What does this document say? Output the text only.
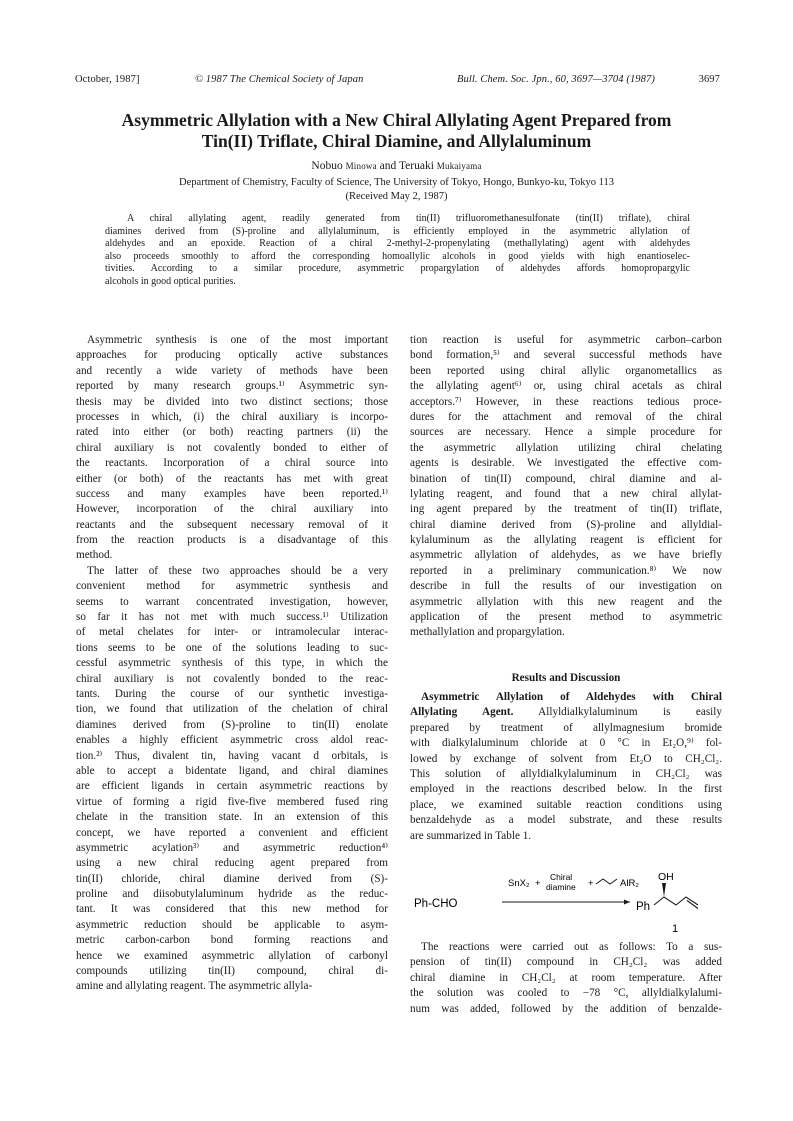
October, 1987]	© 1987 The Chemical Society of Japan	Bull. Chem. Soc. Jpn., 60, 3697—3704 (1987)	3697
Asymmetric Allylation with a New Chiral Allylating Agent Prepared from
Tin(II) Triflate, Chiral Diamine, and Allylaluminum
Nobuo Minowa and Teruaki Mukaiyama
Department of Chemistry, Faculty of Science, The University of Tokyo, Hongo, Bunkyo-ku, Tokyo 113
(Received May 2, 1987)
A chiral allylating agent, readily generated from tin(II) trifluoromethanesulfonate (tin(II) triflate), chiral
diamines derived from (S)-proline and allylaluminum, is efficiently employed in the asymmetric allylation of
aldehydes and an epoxide. Reaction of a chiral 2-methyl-2-propenylating (methallylating) agent with aldehydes
also proceeds smoothly to afford the corresponding homoallylic alcohols in good yields with high enantioselec-
tivities. According to a similar procedure, asymmetric propargylation of aldehydes affords homopropargylic
alcohols in good optical purities.
Asymmetric synthesis is one of the most important
approaches for producing optically active substances
and recently a wide variety of methods have been
reported by many research groups.¹⁾ Asymmetric syn-
thesis may be divided into two distinct sections; those
processes in which, (i) the chiral auxiliary is incorpo-
rated into either (or both) reacting partners (ii) the
chiral auxiliary is not covalently bonded to either of
the reactants. Incorporation of a chiral source into
either (or both) of the reactants has met with great
success and many examples have been reported.¹⁾
However, incorporation of the chiral auxiliary into
reactants and the subsequent necessary removal of it
from the reaction products is a disadvantage of this
method.
The latter of these two approaches should be a very
convenient method for asymmetric synthesis and
seems to warrant concentrated investigation, however,
so far it has not met with much success.¹⁾ Utilization
of metal chelates for inter- or intramolecular interac-
tions seems to be one of the solutions leading to suc-
cessful asymmetric synthesis of this type, in which the
chiral auxiliary is not covalently bonded to the reac-
tants. During the course of our synthetic investiga-
tion, we found that utilization of the chelation of chiral
diamines derived from (S)-proline to tin(II) enolate
enables a highly efficient asymmetric cross aldol reac-
tion.²⁾ Thus, divalent tin, having vacant d orbitals, is
able to accept a bidentate ligand, and chiral diamines
are efficient ligands in certain asymmetric reactions by
virtue of forming a rigid five-five membered fused ring
chelate in the transition state. In an extension of this
concept, we have reported a convenient and efficient
asymmetric acylation³⁾ and asymmetric reduction⁴⁾
using a new chiral reducing agent prepared from
tin(II) chloride, chiral diamine derived from (S)-
proline and diisobutylaluminum hydride as the reduc-
tant. It was considered that this new method for
asymmetric reduction should be applicable to asym-
metric carbon-carbon bond forming reactions and
hence we examined asymmetric allylation of carbonyl
compounds utilizing tin(II) compound, chiral di-
amine and allylating reagent. The asymmetric allyla-
tion reaction is useful for asymmetric carbon–carbon
bond formation,⁵⁾ and several successful methods have
been reported using chiral allylic organometallics as
the allylating agent⁶⁾ or, using chiral acetals as chiral
acceptors.⁷⁾ However, in these reactions tedious proce-
dures for the attachment and removal of the chiral
sources are necessary. Hence a simple procedure for
the asymmetric allylation utilizing chiral chelating
agents is desirable. We investigated the effective com-
bination of tin(II) compound, chiral diamine and al-
lylating reagent, and found that a new chiral allylat-
ing agent prepared by the treatment of tin(II) triflate,
chiral diamine derived from (S)-proline and allyldial-
kylaluminum as the allylating reagent is efficient for
asymmetric allylation of aldehydes, as we have briefly
reported in a preliminary communication.⁸⁾ We now
describe in full the results of our investigation on
asymmetric allylation with this new reagent and the
application of the present method to asymmetric
methallylation and propargylation.
Results and Discussion
Asymmetric Allylation of Aldehydes with Chiral
Allylating Agent. Allyldialkylaluminum is easily
prepared by treatment of allylmagnesium bromide
with dialkylaluminum chloride at 0 °C in Et₂O,⁹⁾ fol-
lowed by exchange of solvent from Et₂O to CH₂Cl₂.
This solution of allyldialkylaluminum in CH₂Cl₂ was
employed in the reactions described below. In the first
place, we examined suitable reaction conditions using
benzaldehyde as a model substrate, and these results
are summarized in Table 1.
Ph-CHO
SnX₂ +
Chiral
diamine +	AlR₂
Ph
OH
1
The reactions were carried out as follows: To a sus-
pension of tin(II) compound in CH₂Cl₂ was added
chiral diamine in CH₂Cl₂ at room temperature. After
the solution was cooled to −78 °C, allyldialkylalumi-
num was added, followed by the addition of benzalde-
